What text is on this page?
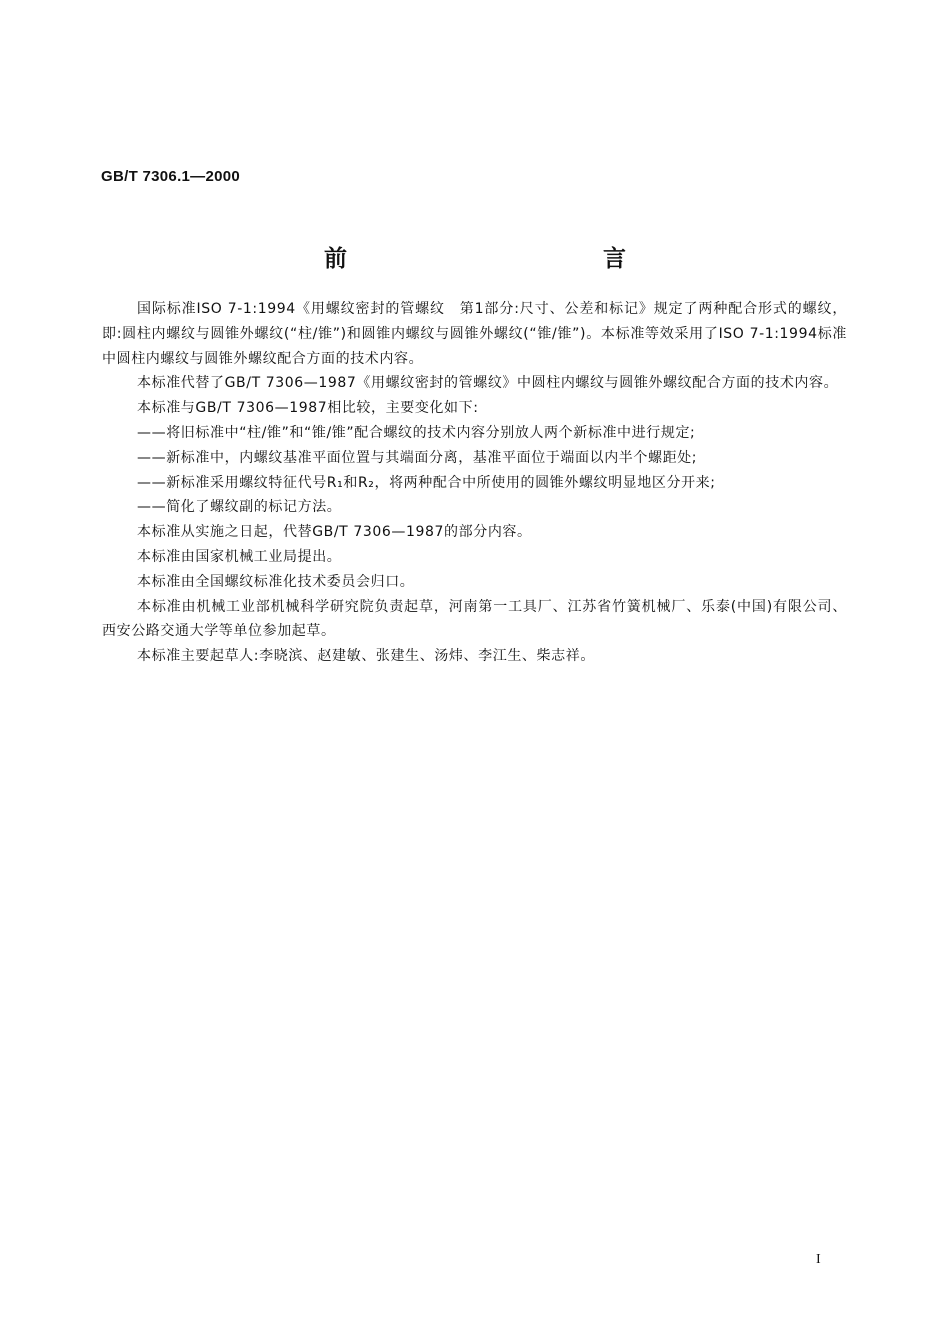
GB/T 7306.1—2000
前　　言

国际标准ISO 7-1:1994《用螺纹密封的管螺纹　第1部分:尺寸、公差和标记》规定了两种配合形式的螺纹，即:圆柱内螺纹与圆锥外螺纹(“柱/锥”)和圆锥内螺纹与圆锥外螺纹(“锥/锥”)。本标准等效采用了ISO 7-1:1994标准中圆柱内螺纹与圆锥外螺纹配合方面的技术内容。

本标准代替了GB/T 7306—1987《用螺纹密封的管螺纹》中圆柱内螺纹与圆锥外螺纹配合方面的技术内容。

本标准与GB/T 7306—1987相比较，主要变化如下:

——将旧标准中“柱/锥”和“锥/锥”配合螺纹的技术内容分别放人两个新标准中进行规定;

——新标准中，内螺纹基准平面位置与其端面分离，基准平面位于端面以内半个螺距处;

——新标准采用螺纹特征代号R₁和R₂，将两种配合中所使用的圆锥外螺纹明显地区分开来;

——简化了螺纹副的标记方法。

本标准从实施之日起，代替GB/T 7306—1987的部分内容。

本标准由国家机械工业局提出。

本标准由全国螺纹标准化技术委员会归口。

本标准由机械工业部机械科学研究院负责起草，河南第一工具厂、江苏省竹簧机械厂、乐泰(中国)有限公司、西安公路交通大学等单位参加起草。

本标准主要起草人:李晓滨、赵建敏、张建生、汤炜、李江生、柴志祥。

I
